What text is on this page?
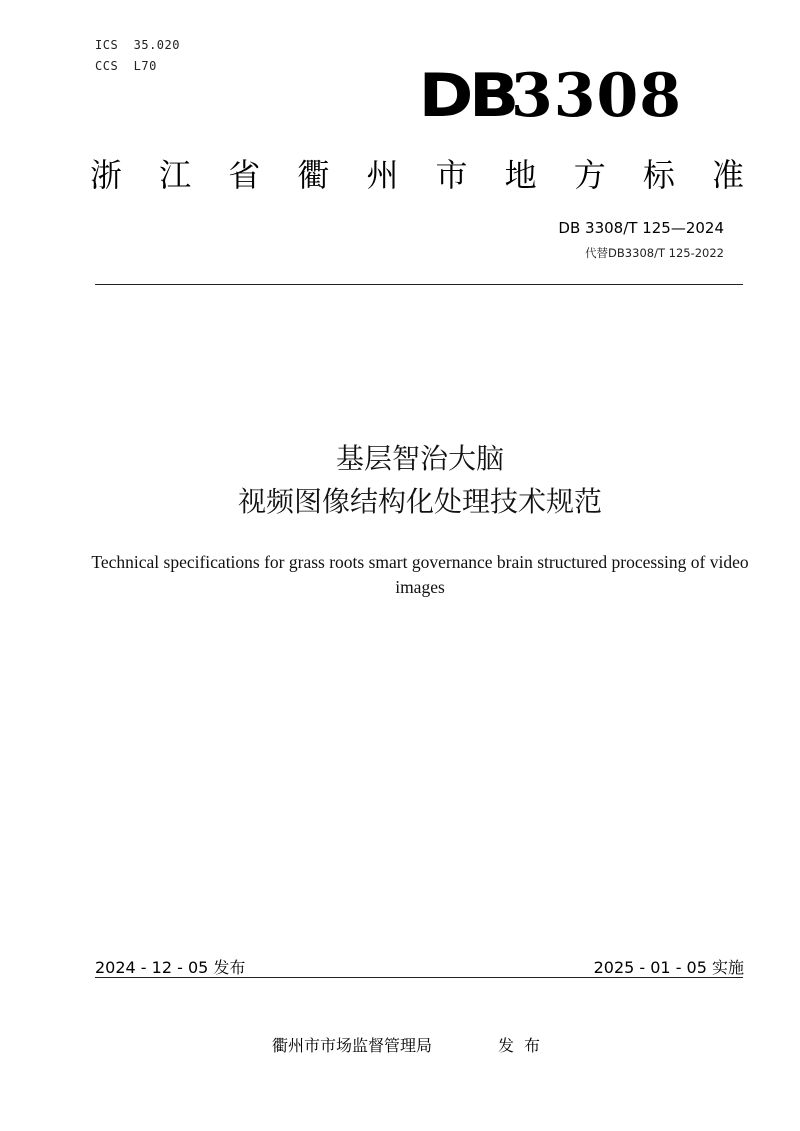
ICS  35.020
CCS  L70	DB3308
浙 江 省 衢 州 市 地 方 标 准
DB 3308/T 125—2024
代替DB3308/T 125-2022
基层智治大脑
视频图像结构化处理技术规范
Technical specifications for grass roots smart governance brain structured processing of video images
2024 - 12 - 05 发布	2025 - 01 - 05 实施
衢州市市场监督管理局	发布
